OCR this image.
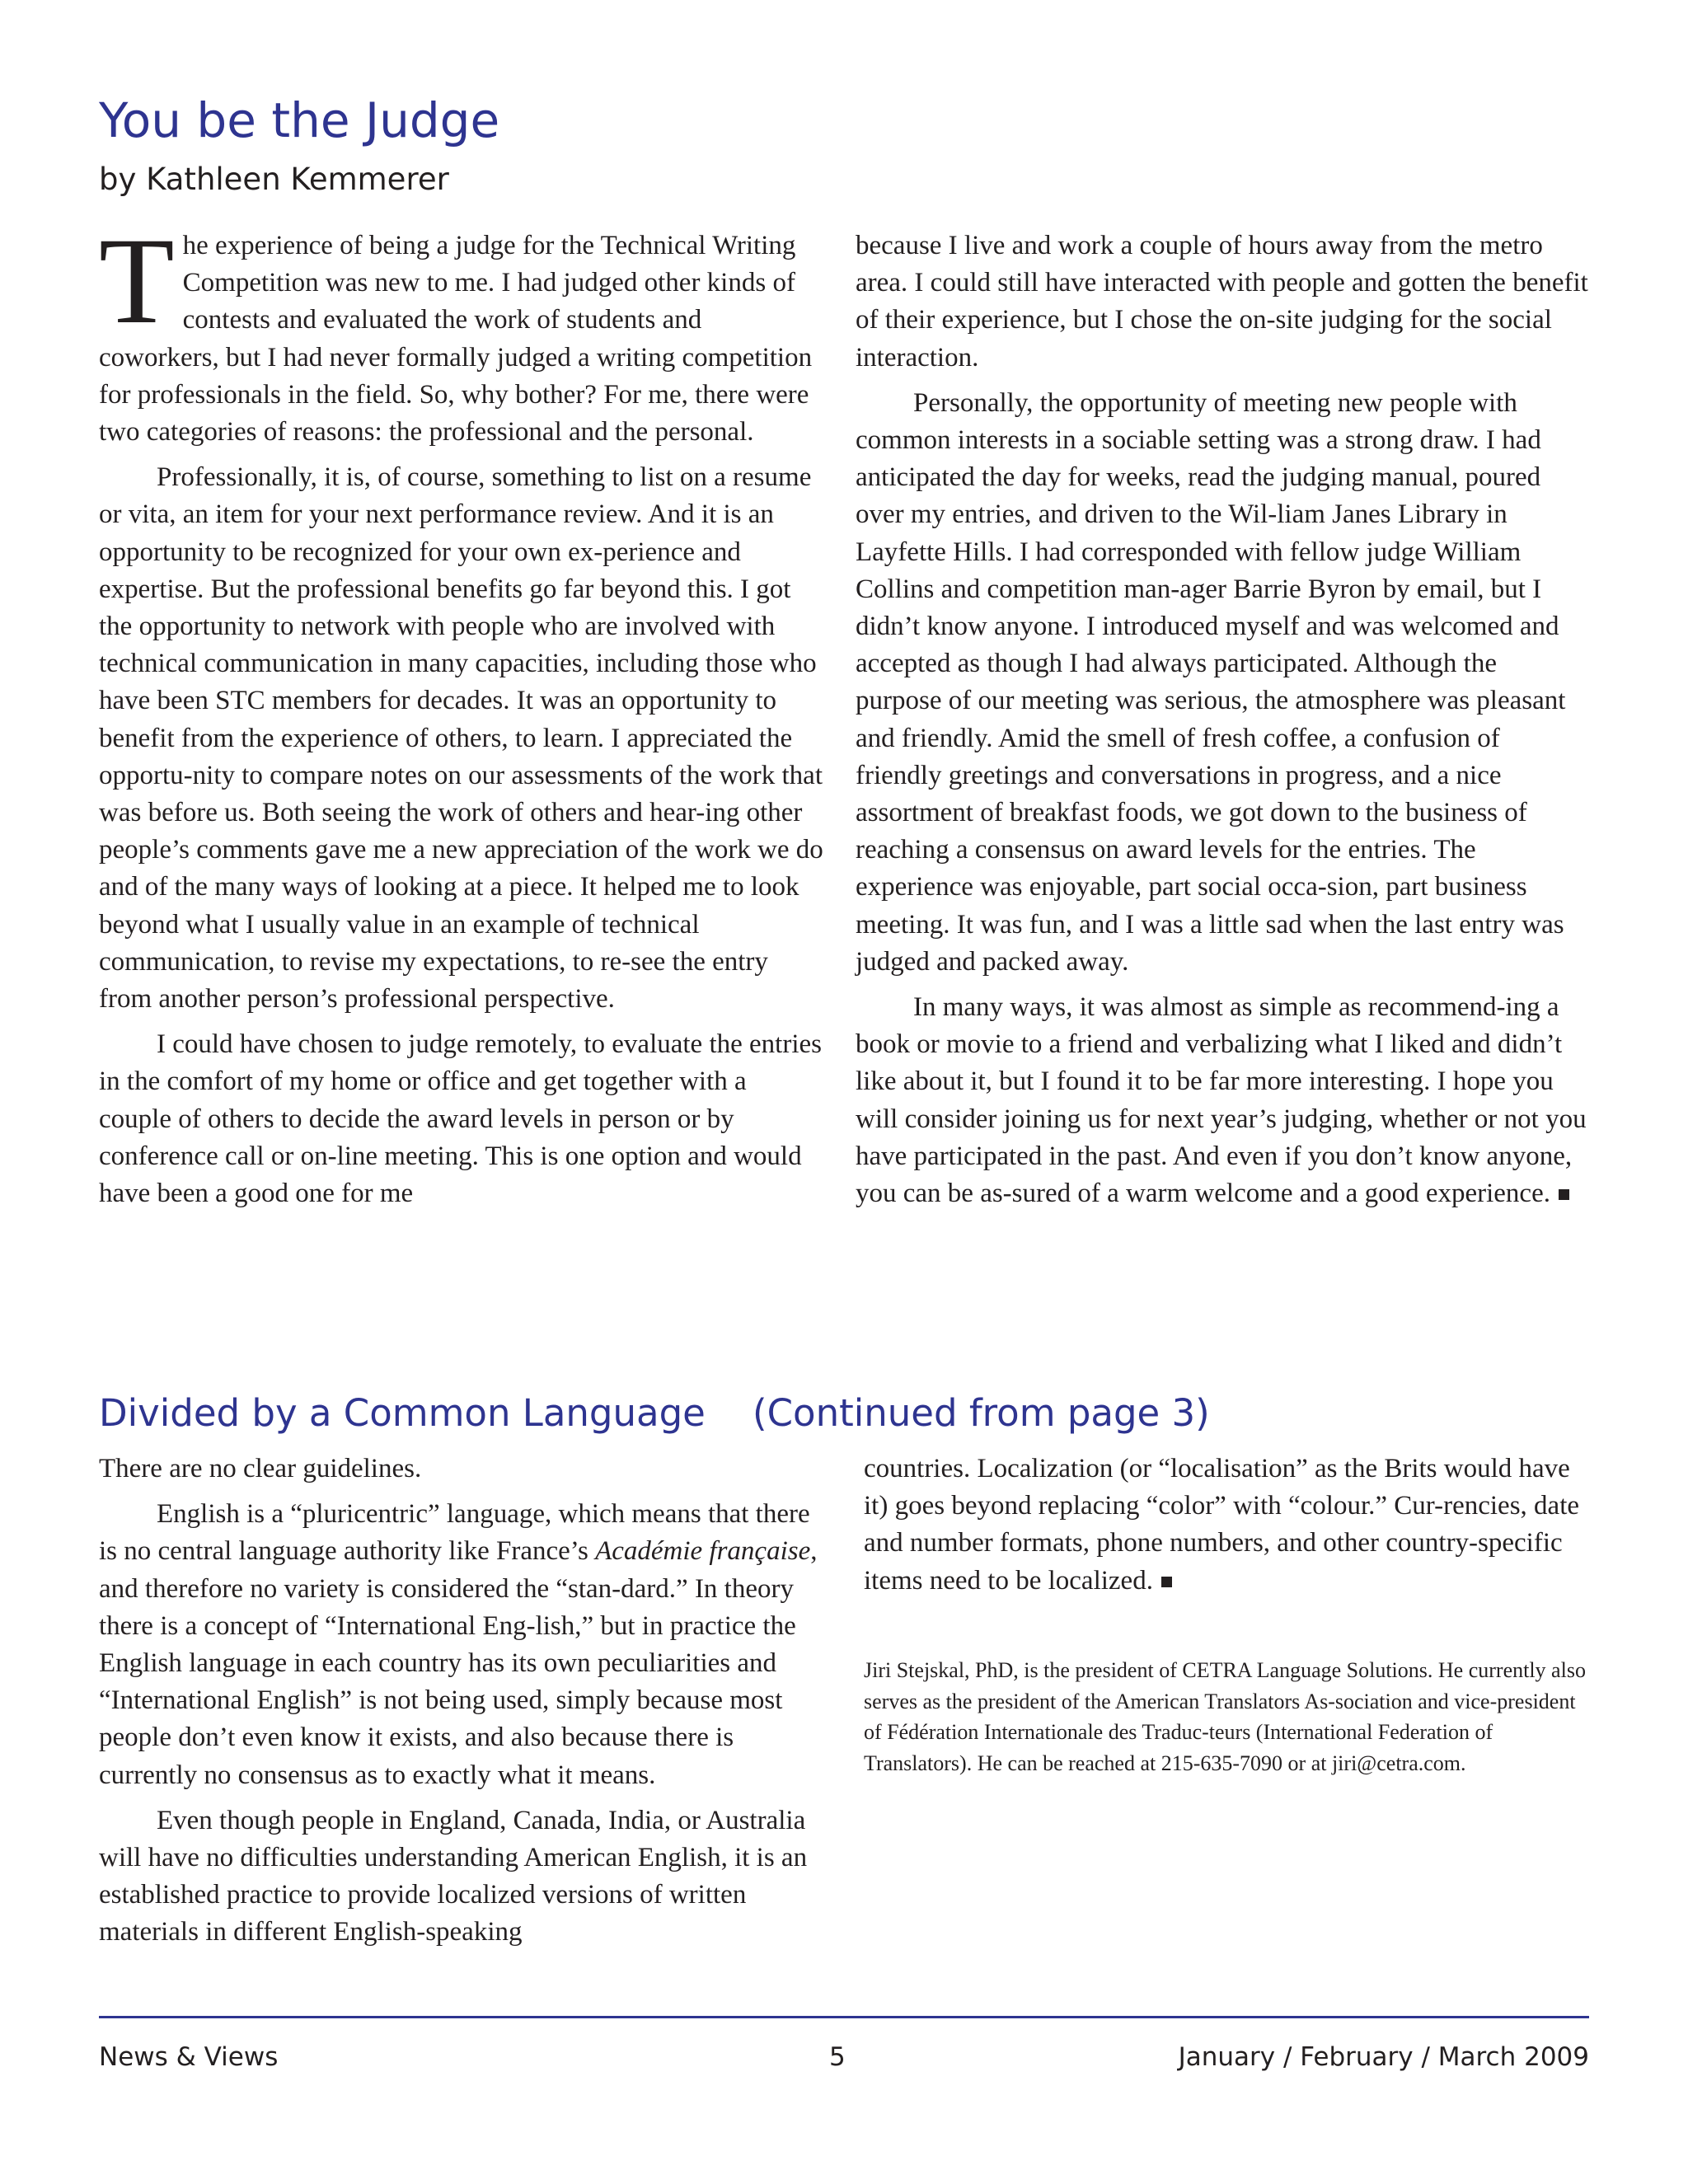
You be the Judge

by Kathleen Kemmerer

The experience of being a judge for the Technical Writing Competition was new to me. I had judged other kinds of contests and evaluated the work of students and coworkers, but I had never formally judged a writing competition for professionals in the field. So, why bother? For me, there were two categories of reasons: the professional and the personal.

Professionally, it is, of course, something to list on a resume or vita, an item for your next performance review. And it is an opportunity to be recognized for your own ex-perience and expertise. But the professional benefits go far beyond this. I got the opportunity to network with people who are involved with technical communication in many capacities, including those who have been STC members for decades. It was an opportunity to benefit from the experience of others, to learn. I appreciated the opportu-nity to compare notes on our assessments of the work that was before us. Both seeing the work of others and hear-ing other people’s comments gave me a new appreciation of the work we do and of the many ways of looking at a piece. It helped me to look beyond what I usually value in an example of technical communication, to revise my expectations, to re-see the entry from another person’s professional perspective.

I could have chosen to judge remotely, to evaluate the entries in the comfort of my home or office and get together with a couple of others to decide the award levels in person or by conference call or on-line meeting. This is one option and would have been a good one for me

because I live and work a couple of hours away from the metro area. I could still have interacted with people and gotten the benefit of their experience, but I chose the on-site judging for the social interaction.

Personally, the opportunity of meeting new people with common interests in a sociable setting was a strong draw. I had anticipated the day for weeks, read the judging manual, poured over my entries, and driven to the Wil-liam Janes Library in Layfette Hills. I had corresponded with fellow judge William Collins and competition man-ager Barrie Byron by email, but I didn’t know anyone. I introduced myself and was welcomed and accepted as though I had always participated. Although the purpose of our meeting was serious, the atmosphere was pleasant and friendly. Amid the smell of fresh coffee, a confusion of friendly greetings and conversations in progress, and a nice assortment of breakfast foods, we got down to the business of reaching a consensus on award levels for the entries. The experience was enjoyable, part social occa-sion, part business meeting. It was fun, and I was a little sad when the last entry was judged and packed away.

In many ways, it was almost as simple as recommend-ing a book or movie to a friend and verbalizing what I liked and didn’t like about it, but I found it to be far more interesting. I hope you will consider joining us for next year’s judging, whether or not you have participated in the past. And even if you don’t know anyone, you can be as-sured of a warm welcome and a good experience.

Divided by a Common Language    (Continued from page 3)

There are no clear guidelines.

English is a “pluricentric” language, which means that there is no central language authority like France’s Académie française, and therefore no variety is considered the “stan-dard.” In theory there is a concept of “International Eng-lish,” but in practice the English language in each country has its own peculiarities and “International English” is not being used, simply because most people don’t even know it exists, and also because there is currently no consensus as to exactly what it means.

Even though people in England, Canada, India, or Australia will have no difficulties understanding American English, it is an established practice to provide localized versions of written materials in different English-speaking

countries. Localization (or “localisation” as the Brits would have it) goes beyond replacing “color” with “colour.” Cur-rencies, date and number formats, phone numbers, and other country-specific items need to be localized.

Jiri Stejskal, PhD, is the president of CETRA Language Solutions. He currently also serves as the president of the American Translators As-sociation and vice-president of Fédération Internationale des Traduc-teurs (International Federation of Translators). He can be reached at 215-635-7090 or at jiri@cetra.com.

News & Views	5	January / February / March 2009
